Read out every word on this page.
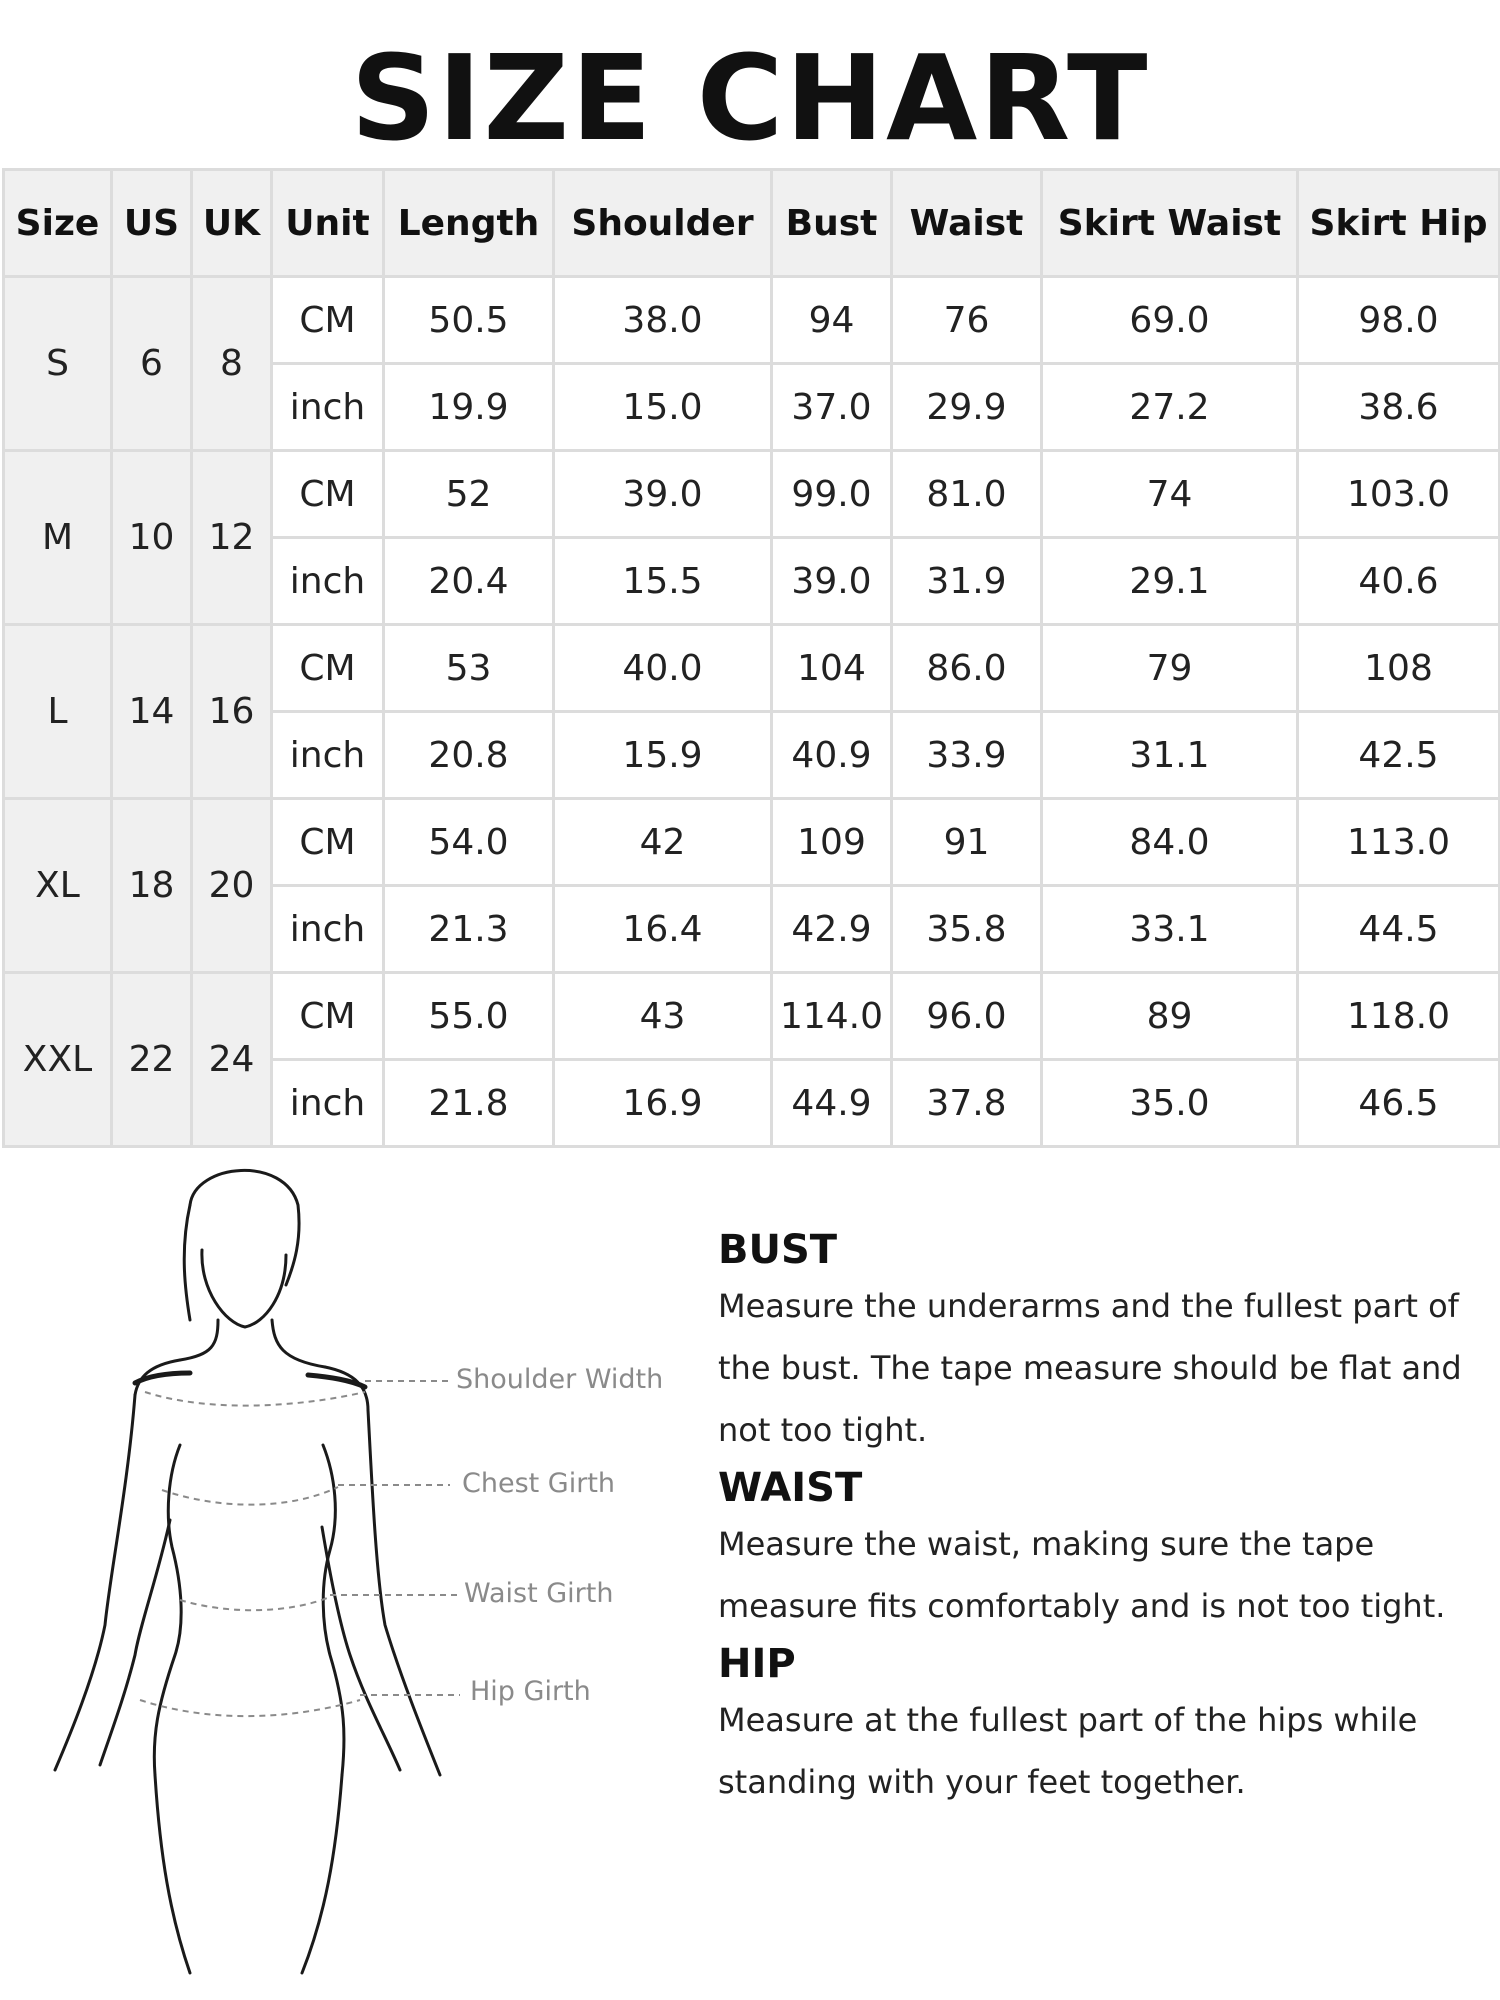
SIZE CHART
Size	US	UK	Unit	Length	Shoulder	Bust	Waist	Skirt Waist	Skirt Hip
S	6	8	CM	50.5	38.0	94	76	69.0	98.0
			inch	19.9	15.0	37.0	29.9	27.2	38.6
M	10	12	CM	52	39.0	99.0	81.0	74	103.0
			inch	20.4	15.5	39.0	31.9	29.1	40.6
L	14	16	CM	53	40.0	104	86.0	79	108
			inch	20.8	15.9	40.9	33.9	31.1	42.5
XL	18	20	CM	54.0	42	109	91	84.0	113.0
			inch	21.3	16.4	42.9	35.8	33.1	44.5
XXL	22	24	CM	55.0	43	114.0	96.0	89	118.0
			inch	21.8	16.9	44.9	37.8	35.0	46.5
Shoulder Width
Chest Girth
Waist Girth
Hip Girth

BUST

Measure the underarms and the fullest part of the bust. The tape measure should be flat and not too tight.

WAIST

Measure the waist, making sure the tape measure fits comfortably and is not too tight.

HIP

Measure at the fullest part of the hips while standing with your feet together.
